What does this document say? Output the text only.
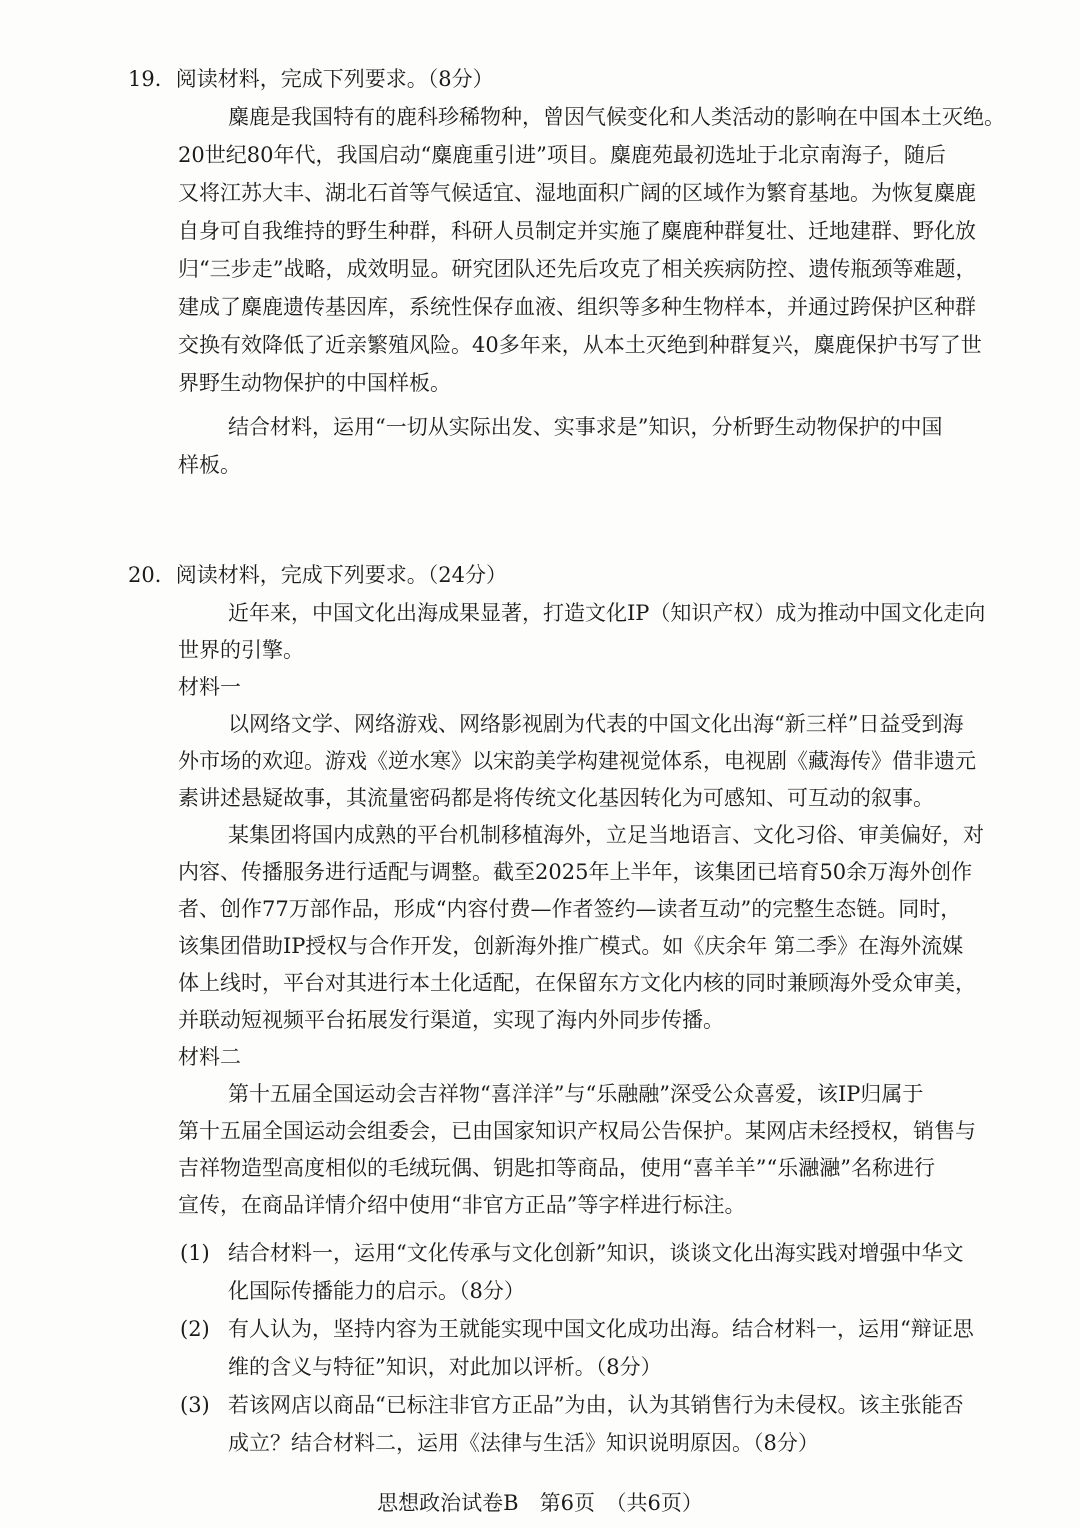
19．阅读材料，完成下列要求。（8分）
麋鹿是我国特有的鹿科珍稀物种，曾因气候变化和人类活动的影响在中国本土灭绝。
20世纪80年代，我国启动“麋鹿重引进”项目。麋鹿苑最初选址于北京南海子，随后
又将江苏大丰、湖北石首等气候适宜、湿地面积广阔的区域作为繁育基地。为恢复麋鹿
自身可自我维持的野生种群，科研人员制定并实施了麋鹿种群复壮、迁地建群、野化放
归“三步走”战略，成效明显。研究团队还先后攻克了相关疾病防控、遗传瓶颈等难题，
建成了麋鹿遗传基因库，系统性保存血液、组织等多种生物样本，并通过跨保护区种群
交换有效降低了近亲繁殖风险。40多年来，从本土灭绝到种群复兴，麋鹿保护书写了世
界野生动物保护的中国样板。
结合材料，运用“一切从实际出发、实事求是”知识，分析野生动物保护的中国
样板。
20．阅读材料，完成下列要求。（24分）
近年来，中国文化出海成果显著，打造文化IP（知识产权）成为推动中国文化走向
世界的引擎。
材料一
以网络文学、网络游戏、网络影视剧为代表的中国文化出海“新三样”日益受到海
外市场的欢迎。游戏《逆水寒》以宋韵美学构建视觉体系，电视剧《藏海传》借非遗元
素讲述悬疑故事，其流量密码都是将传统文化基因转化为可感知、可互动的叙事。
某集团将国内成熟的平台机制移植海外，立足当地语言、文化习俗、审美偏好，对
内容、传播服务进行适配与调整。截至2025年上半年，该集团已培育50余万海外创作
者、创作77万部作品，形成“内容付费—作者签约—读者互动”的完整生态链。同时，
该集团借助IP授权与合作开发，创新海外推广模式。如《庆余年 第二季》在海外流媒
体上线时，平台对其进行本土化适配，在保留东方文化内核的同时兼顾海外受众审美，
并联动短视频平台拓展发行渠道，实现了海内外同步传播。
材料二
第十五届全国运动会吉祥物“喜洋洋”与“乐融融”深受公众喜爱，该IP归属于
第十五届全国运动会组委会，已由国家知识产权局公告保护。某网店未经授权，销售与
吉祥物造型高度相似的毛绒玩偶、钥匙扣等商品，使用“喜羊羊”“乐瀜瀜”名称进行
宣传，在商品详情介绍中使用“非官方正品”等字样进行标注。
(1) 结合材料一，运用“文化传承与文化创新”知识，谈谈文化出海实践对增强中华文
化国际传播能力的启示。（8分）
(2) 有人认为，坚持内容为王就能实现中国文化成功出海。结合材料一，运用“辩证思
维的含义与特征”知识，对此加以评析。（8分）
(3) 若该网店以商品“已标注非官方正品”为由，认为其销售行为未侵权。该主张能否
成立？结合材料二，运用《法律与生活》知识说明原因。（8分）
思想政治试卷B　第6页　（共6页）
